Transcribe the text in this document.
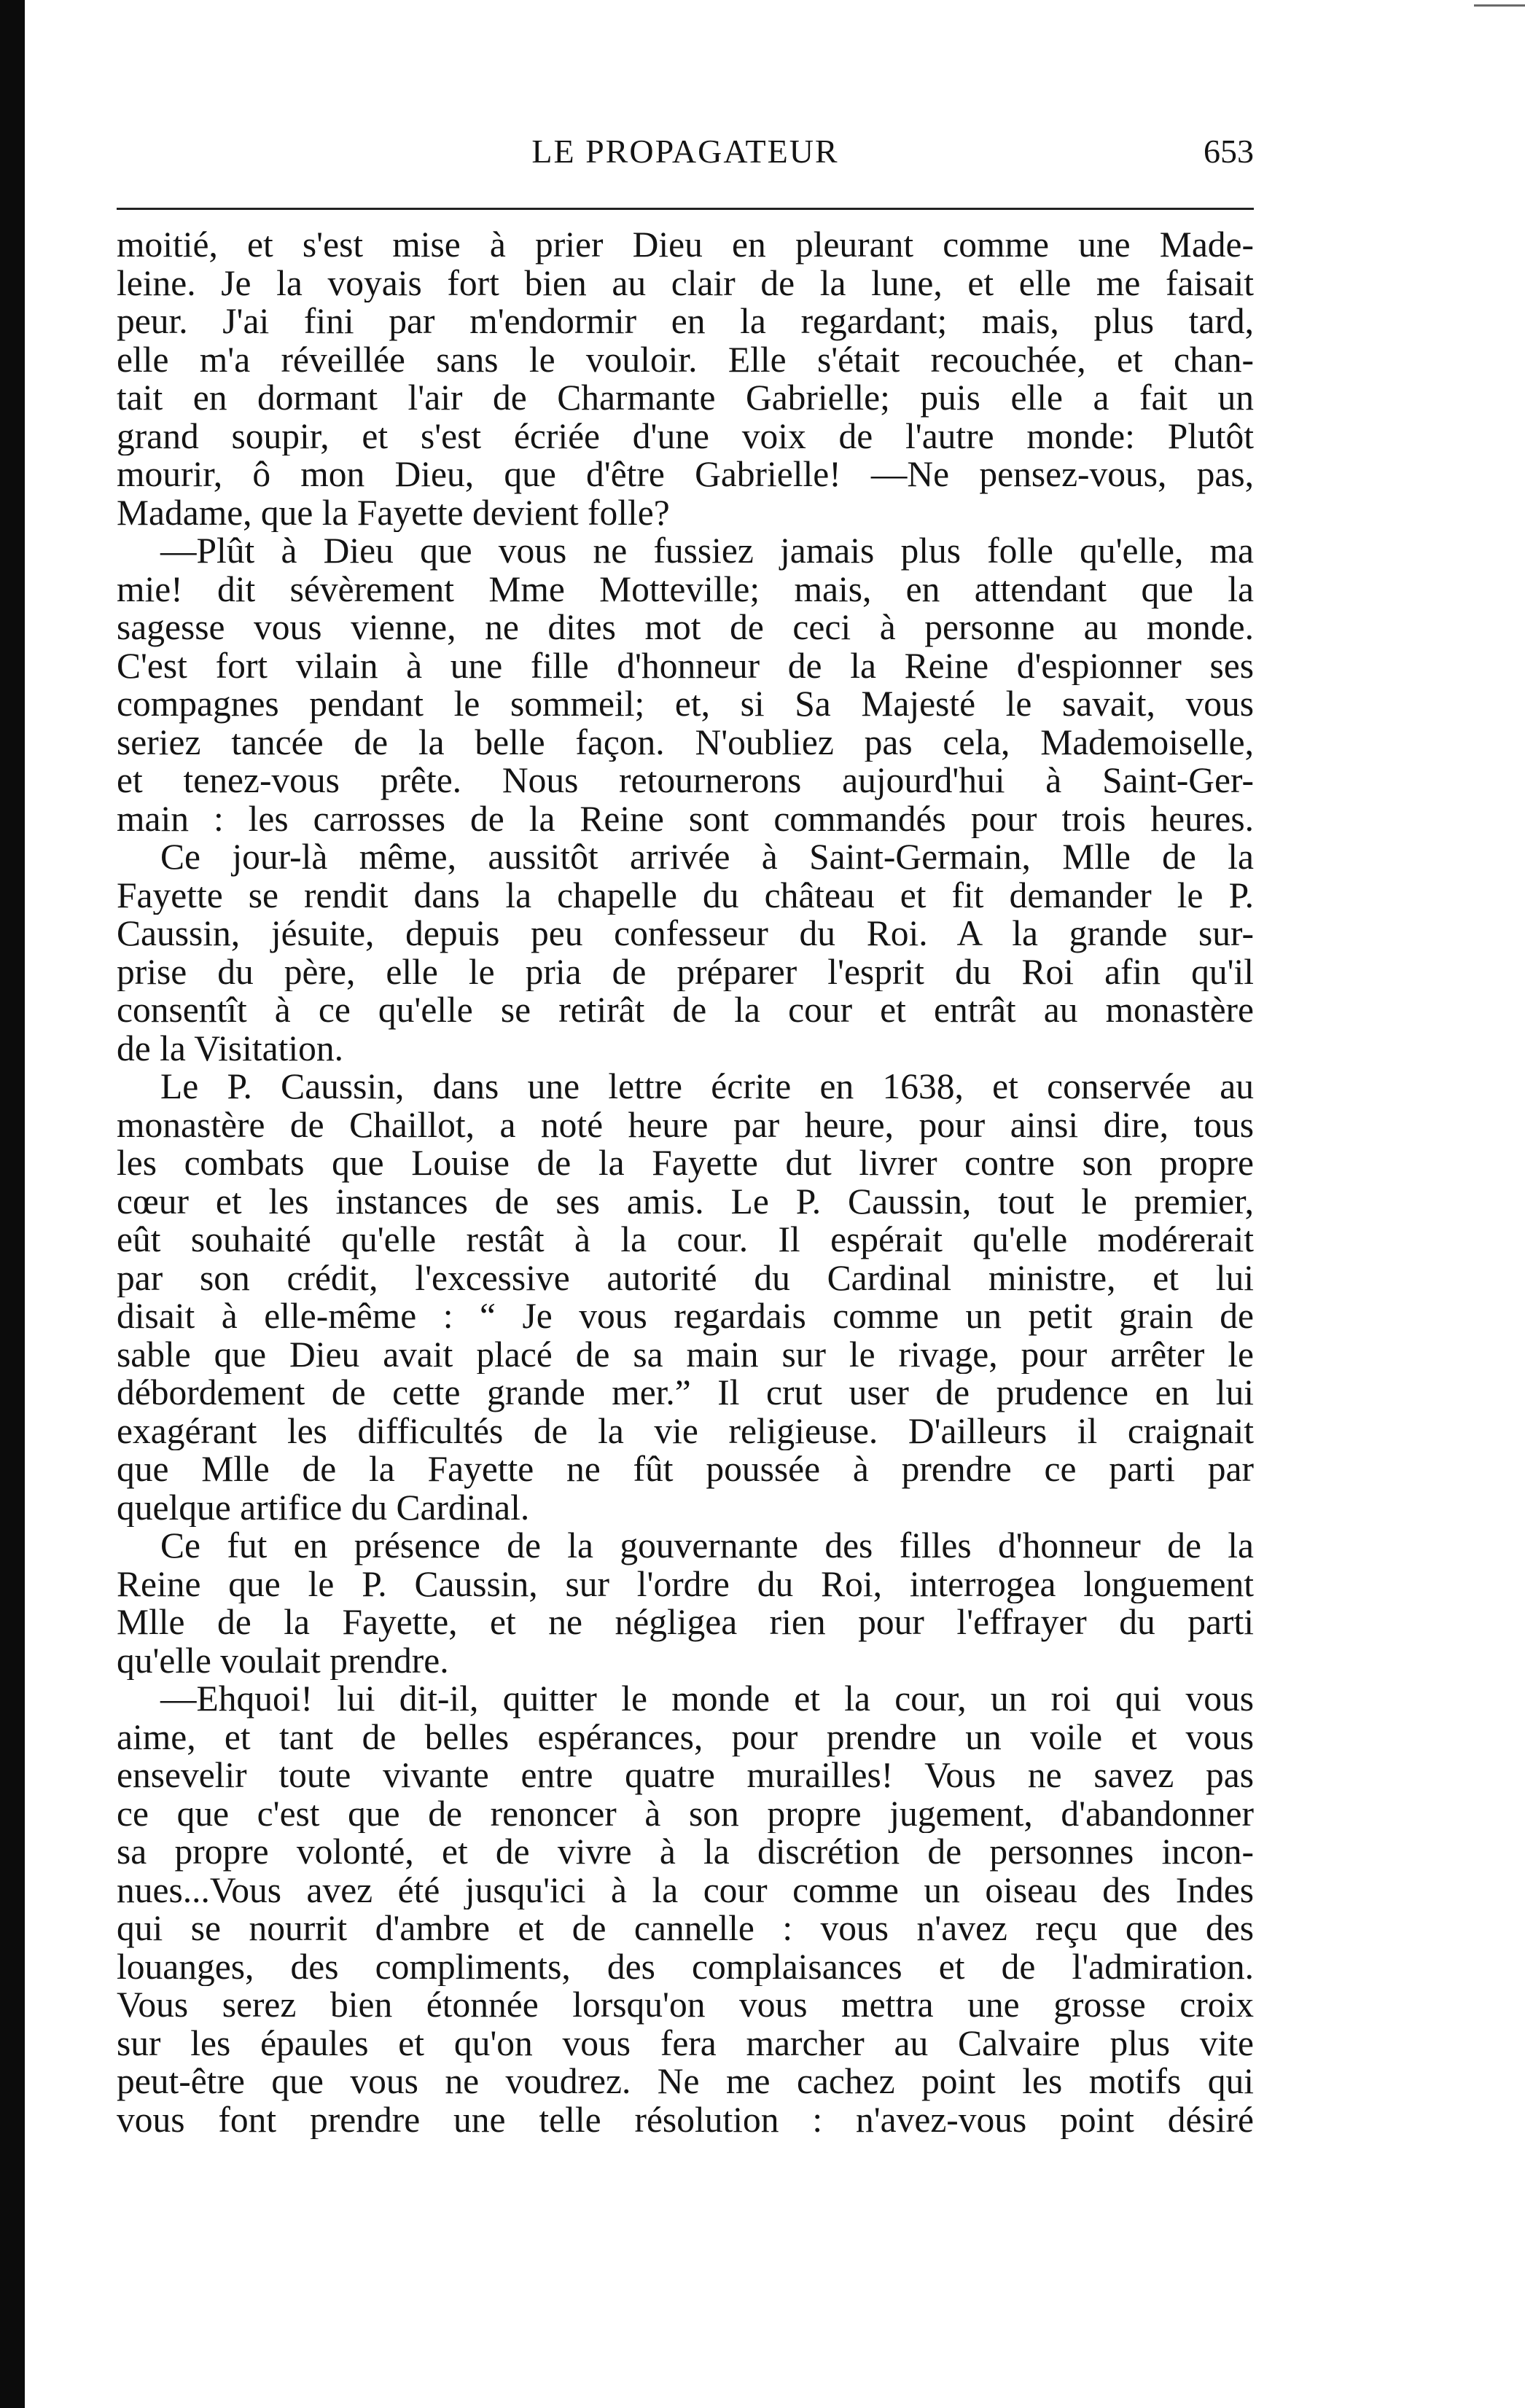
LE PROPAGATEUR	653
moitié, et s'est mise à prier Dieu en pleurant comme une Made-
leine. Je la voyais fort bien au clair de la lune, et elle me faisait
peur. J'ai fini par m'endormir en la regardant; mais, plus tard,
elle m'a réveillée sans le vouloir. Elle s'était recouchée, et chan-
tait en dormant l'air de Charmante Gabrielle; puis elle a fait un
grand soupir, et s'est écriée d'une voix de l'autre monde: Plutôt
mourir, ô mon Dieu, que d'être Gabrielle! —Ne pensez-vous, pas,
Madame, que la Fayette devient folle?
—Plût à Dieu que vous ne fussiez jamais plus folle qu'elle, ma
mie! dit sévèrement Mme Motteville; mais, en attendant que la
sagesse vous vienne, ne dites mot de ceci à personne au monde.
C'est fort vilain à une fille d'honneur de la Reine d'espionner ses
compagnes pendant le sommeil; et, si Sa Majesté le savait, vous
seriez tancée de la belle façon. N'oubliez pas cela, Mademoiselle,
et tenez-vous prête. Nous retournerons aujourd'hui à Saint-Ger-
main : les carrosses de la Reine sont commandés pour trois heures.
Ce jour-là même, aussitôt arrivée à Saint-Germain, Mlle de la
Fayette se rendit dans la chapelle du château et fit demander le P.
Caussin, jésuite, depuis peu confesseur du Roi. A la grande sur-
prise du père, elle le pria de préparer l'esprit du Roi afin qu'il
consentît à ce qu'elle se retirât de la cour et entrât au monastère
de la Visitation.
Le P. Caussin, dans une lettre écrite en 1638, et conservée au
monastère de Chaillot, a noté heure par heure, pour ainsi dire, tous
les combats que Louise de la Fayette dut livrer contre son propre
cœur et les instances de ses amis. Le P. Caussin, tout le premier,
eût souhaité qu'elle restât à la cour. Il espérait qu'elle modérerait
par son crédit, l'excessive autorité du Cardinal ministre, et lui
disait à elle-même : “ Je vous regardais comme un petit grain de
sable que Dieu avait placé de sa main sur le rivage, pour arrêter le
débordement de cette grande mer.” Il crut user de prudence en lui
exagérant les difficultés de la vie religieuse. D'ailleurs il craignait
que Mlle de la Fayette ne fût poussée à prendre ce parti par
quelque artifice du Cardinal.
Ce fut en présence de la gouvernante des filles d'honneur de la
Reine que le P. Caussin, sur l'ordre du Roi, interrogea longuement
Mlle de la Fayette, et ne négligea rien pour l'effrayer du parti
qu'elle voulait prendre.
—Ehquoi! lui dit-il, quitter le monde et la cour, un roi qui vous
aime, et tant de belles espérances, pour prendre un voile et vous
ensevelir toute vivante entre quatre murailles! Vous ne savez pas
ce que c'est que de renoncer à son propre jugement, d'abandonner
sa propre volonté, et de vivre à la discrétion de personnes incon-
nues...Vous avez été jusqu'ici à la cour comme un oiseau des Indes
qui se nourrit d'ambre et de cannelle : vous n'avez reçu que des
louanges, des compliments, des complaisances et de l'admiration.
Vous serez bien étonnée lorsqu'on vous mettra une grosse croix
sur les épaules et qu'on vous fera marcher au Calvaire plus vite
peut-être que vous ne voudrez. Ne me cachez point les motifs qui
vous font prendre une telle résolution : n'avez-vous point désiré
